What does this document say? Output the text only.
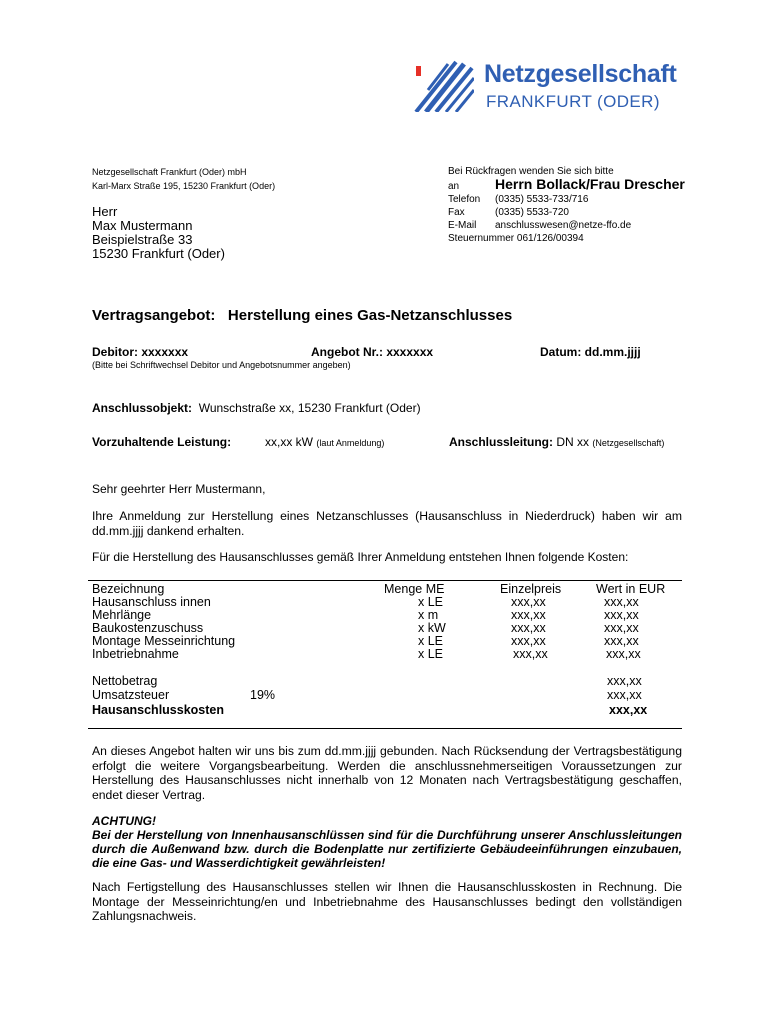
Netzgesellschaft
FRANKFURT (ODER)
Netzgesellschaft Frankfurt (Oder) mbH
Karl-Marx Straße 195, 15230 Frankfurt (Oder)
Herr
Max Mustermann
Beispielstraße 33
15230 Frankfurt (Oder)
Bei Rückfragen wenden Sie sich bitte
an	Herrn Bollack/Frau Drescher
Telefon (0335) 5533-733/716
Fax	(0335) 5533-720
E-Mail anschlusswesen@netze-ffo.de
Steuernummer 061/126/00394
Vertragsangebot: Herstellung eines Gas-Netzanschlusses
Debitor: xxxxxxx	Angebot Nr.: xxxxxxx	Datum: dd.mm.jjjj
(Bitte bei Schriftwechsel Debitor und Angebotsnummer angeben)
Anschlussobjekt: Wunschstraße xx, 15230 Frankfurt (Oder)
Vorzuhaltende Leistung:	xx,xx kW (laut Anmeldung)	Anschlussleitung: DN xx (Netzgesellschaft)
Sehr geehrter Herr Mustermann,
Ihre Anmeldung zur Herstellung eines Netzanschlusses (Hausanschluss in Niederdruck) haben wir am dd.mm.jjjj dankend erhalten.
Für die Herstellung des Hausanschlusses gemäß Ihrer Anmeldung entstehen Ihnen folgende Kosten:
Bezeichnung	Menge ME	Einzelpreis	Wert in EUR
Hausanschluss innen	x LE	xxx,xx	xxx,xx
Mehrlänge	x m	xxx,xx	xxx,xx
Baukostenzuschuss	x kW	xxx,xx	xxx,xx
Montage Messeinrichtung	x LE	xxx,xx	xxx,xx
Inbetriebnahme	x LE	xxx,xx	xxx,xx
Nettobetrag	xxx,xx
Umsatzsteuer	19%	xxx,xx
Hausanschlusskosten	xxx,xx
An dieses Angebot halten wir uns bis zum dd.mm.jjjj gebunden. Nach Rücksendung der Vertragsbestätigung erfolgt die weitere Vorgangsbearbeitung. Werden die anschlussnehmerseitigen Voraussetzungen zur Herstellung des Hausanschlusses nicht innerhalb von 12 Monaten nach Vertragsbestätigung geschaffen, endet dieser Vertrag.
ACHTUNG!
Bei der Herstellung von Innenhausanschlüssen sind für die Durchführung unserer Anschlussleitungen durch die Außenwand bzw. durch die Bodenplatte nur zertifizierte Gebäudeeinführungen einzubauen, die eine Gas- und Wasserdichtigkeit gewährleisten!
Nach Fertigstellung des Hausanschlusses stellen wir Ihnen die Hausanschlusskosten in Rechnung. Die Montage der Messeinrichtung/en und Inbetriebnahme des Hausanschlusses bedingt den vollständigen Zahlungsnachweis.
